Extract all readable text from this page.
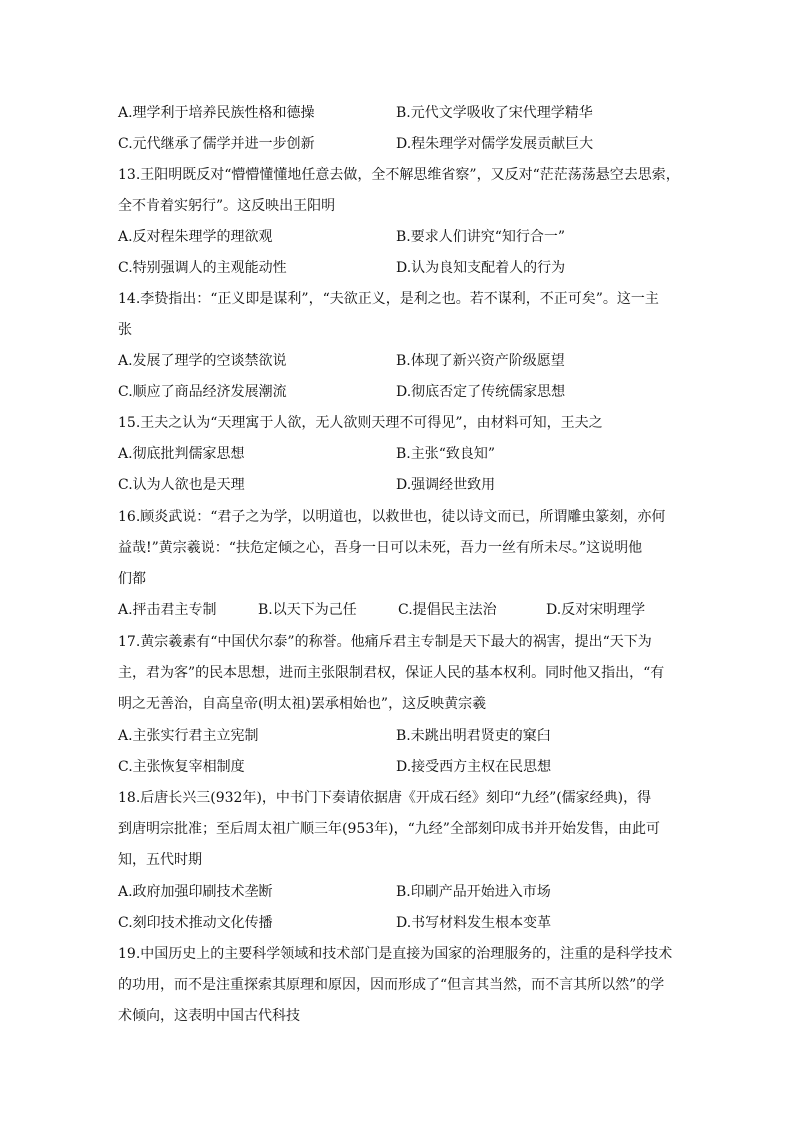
A.理学利于培养民族性格和德操	B.元代文学吸收了宋代理学精华
C.元代继承了儒学并进一步创新	D.程朱理学对儒学发展贡献巨大
13.王阳明既反对“懵懵懂懂地任意去做，全不解思维省察”，又反对“茫茫荡荡悬空去思索，
全不肯着实躬行”。这反映出王阳明
A.反对程朱理学的理欲观	B.要求人们讲究“知行合一”
C.特别强调人的主观能动性	D.认为良知支配着人的行为
14.李贽指出：“正义即是谋利”，“夫欲正义，是利之也。若不谋利，不正可矣”。这一主
张
A.发展了理学的空谈禁欲说	B.体现了新兴资产阶级愿望
C.顺应了商品经济发展潮流	D.彻底否定了传统儒家思想
15.王夫之认为“天理寓于人欲，无人欲则天理不可得见”，由材料可知，王夫之
A.彻底批判儒家思想	B.主张“致良知”
C.认为人欲也是天理	D.强调经世致用
16.顾炎武说：“君子之为学，以明道也，以救世也，徒以诗文而已，所谓雕虫篆刻，亦何
益哉!”黄宗羲说：“扶危定倾之心，吾身一日可以未死，吾力一丝有所未尽。”这说明他
们都
A.抨击君主专制	B.以天下为己任	C.提倡民主法治	D.反对宋明理学
17.黄宗羲素有“中国伏尔泰”的称誉。他痛斥君主专制是天下最大的祸害，提出“天下为
主，君为客”的民本思想，进而主张限制君权，保证人民的基本权利。同时他又指出，“有
明之无善治，自高皇帝(明太祖)罢承相始也”，这反映黄宗羲
A.主张实行君主立宪制	B.未跳出明君贤吏的窠臼
C.主张恢复宰相制度	D.接受西方主权在民思想
18.后唐长兴三(932年)，中书门下奏请依据唐《开成石经》刻印“九经”(儒家经典)，得
到唐明宗批准；至后周太祖广顺三年(953年)，“九经”全部刻印成书并开始发售，由此可
知，五代时期
A.政府加强印刷技术垄断	B.印刷产品开始进入市场
C.刻印技术推动文化传播	D.书写材料发生根本变革
19.中国历史上的主要科学领域和技术部门是直接为国家的治理服务的，注重的是科学技术
的功用，而不是注重探索其原理和原因，因而形成了“但言其当然，而不言其所以然”的学
术倾向，这表明中国古代科技
